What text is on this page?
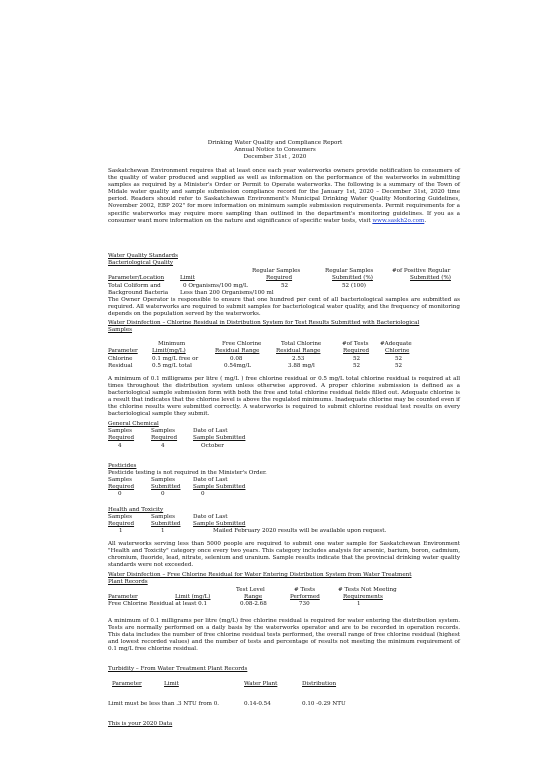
Drinking Water Quality and Compliance Report
Annual Notice to Consumers
December 31st , 2020
Saskatchewan Environment requires that at least once each year waterworks owners provide notification to consumers of the quality of water produced and supplied as well as information on the performance of the waterworks in submitting samples as required by a Minister's Order or Permit to Operate waterworks. The following is a summary of the Town of Midale water quality and sample submission compliance record for the January 1st, 2020 – December 31st, 2020 time period. Readers should refer to Saskatchewan Environment's Municipal Drinking Water Quality Monitoring Guidelines, November 2002, EBP 202" for more information on minimum sample submission requirements. Permit requirements for a specific waterworks may require more sampling than outlined in the department's monitoring guidelines. If you as a consumer want more information on the nature and significance of specific water tests, visit www.saskh2o.com.
Water Quality Standards
Bacteriological Quality
Regular Samples	Regular Samples	#of Positive Regular
Parameter/Location	Limit	Required	Submitted (%)	Submitted (%)
Total Coliform and	0 Organisms/100 mg/L	52	52 (100)
Background Bacteria Less than 200 Organisms/100 ml
The Owner Operator is responsible to ensure that one hundred per cent of all bacteriological samples are submitted as required. All waterworks are required to submit samples for bacteriological water quality, and the frequency of monitoring depends on the population served by the waterworks.
Water Disinfection – Chlorine Residual in Distribution System for Test Results Submitted with Bacteriological
Samples
Minimum	Free Chlorine	Total Chlorine	#of Tests #Adequate
Parameter	Limit(mg/L)	Residual Range	Residual Range	Required	Chlorine
Chlorine	0.1 mg/L free or	0.08	2.53	52	52
Residual	0.5 mg/L total	0.54mg/L	3.88 mg/l	52	52
A minimum of 0.1 milligrams per litre ( mg/L ) free chlorine residual or 0.5 mg/L total chlorine residual is required at all times throughout the distribution system unless otherwise approved. A proper chlorine submission is defined as a bacteriological sample submission form with both the free and total chlorine residual fields filled out. Adequate chlorine is a result that indicates that the chlorine level is above the regulated minimums. Inadequate chlorine may be counted even if the chlorine results were submitted correctly. A waterworks is required to submit chlorine residual test results on every bacteriological sample they submit.
General Chemical
Samples	Samples	Date of Last
Required	Required	Sample Submitted
4	4	October
Pesticides
Pesticide testing is not required in the Minister's Order.
Samples	Samples	Date of Last
Required	Submitted Sample Submitted
0	0	0
Health and Toxicity
Samples	Samples	Date of Last
Required	Submitted Sample Submitted
1	1	Mailed February 2020 results will be available upon request.
All waterworks serving less than 5000 people are required to submit one water sample for Saskatchewan Environment "Health and Toxicity" category once every two years. This category includes analysis for arsenic, barium, boron, cadmium, chromium, fluoride, lead, nitrate, selenium and uranium. Sample results indicate that the provincial drinking water quality standards were not exceeded.
Water Disinfection – Free Chlorine Residual for Water Entering Distribution System from Water Treatment
Plant Records
Test Level	# Tests	# Tests Not Meeting
Parameter	Limit (mg/L)	Range	Performed	Requirements
Free Chlorine Residual at least 0.1	0.08-2.68	730	1
A minimum of 0.1 milligrams per litre (mg/L) free chlorine residual is required for water entering the distribution system. Tests are normally performed on a daily basis by the waterworks operator and are to be recorded in operation records. This data includes the number of free chlorine residual tests performed, the overall range of free chlorine residual (highest and lowest recorded values) and the number of tests and percentage of results not meeting the minimum requirement of 0.1 mg/L free chlorine residual.
Turbidity – From Water Treatment Plant Records
Parameter	Limit	Water Plant	Distribution
Limit must be less than .3 NTU from 0.	0.14-0.54	0.10 -0.29 NTU
This is your 2020 Data
